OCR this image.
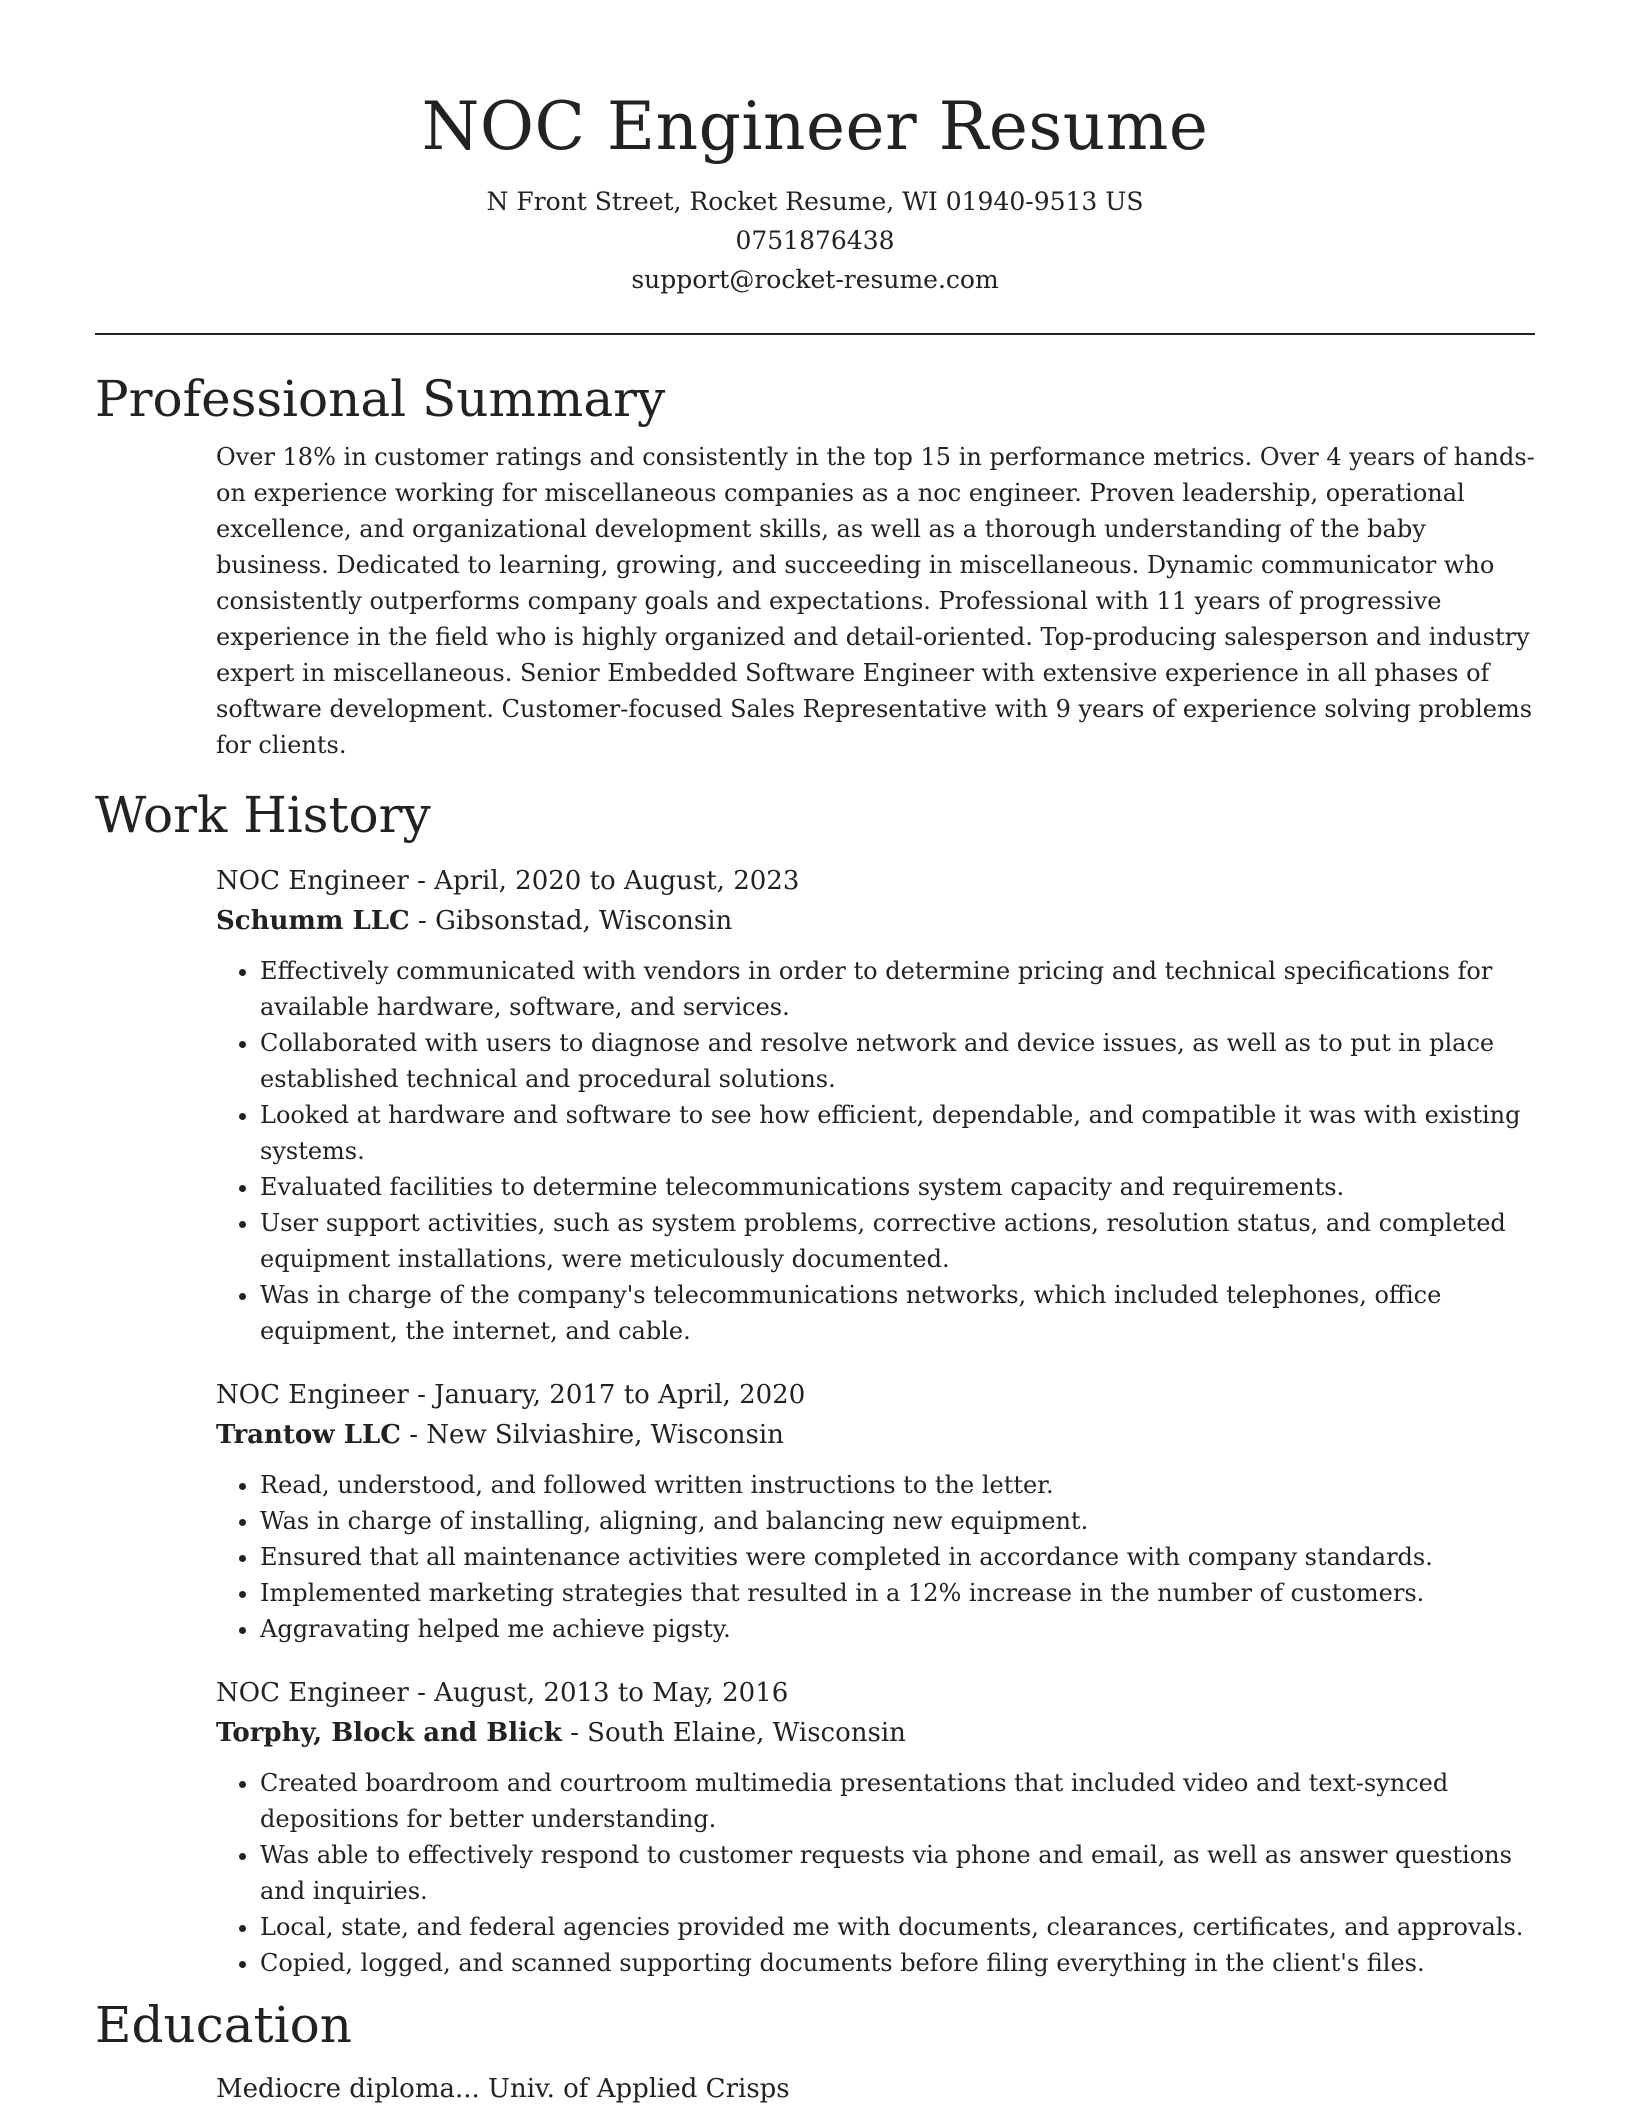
NOC Engineer Resume
N Front Street, Rocket Resume, WI 01940-9513 US
0751876438
support@rocket-resume.com
Professional Summary

Over 18% in customer ratings and consistently in the top 15 in performance metrics. Over 4 years of hands-on experience working for miscellaneous companies as a noc engineer. Proven leadership, operational excellence, and organizational development skills, as well as a thorough understanding of the baby business. Dedicated to learning, growing, and succeeding in miscellaneous. Dynamic communicator who consistently outperforms company goals and expectations. Professional with 11 years of progressive experience in the field who is highly organized and detail-oriented. Top-producing salesperson and industry expert in miscellaneous. Senior Embedded Software Engineer with extensive experience in all phases of software development. Customer-focused Sales Representative with 9 years of experience solving problems for clients.

Work History
NOC Engineer - April, 2020 to August, 2023
Schumm LLC - Gibsonstad, Wisconsin
• Effectively communicated with vendors in order to determine pricing and technical specifications for available hardware, software, and services.
• Collaborated with users to diagnose and resolve network and device issues, as well as to put in place established technical and procedural solutions.
• Looked at hardware and software to see how efficient, dependable, and compatible it was with existing systems.
• Evaluated facilities to determine telecommunications system capacity and requirements.
• User support activities, such as system problems, corrective actions, resolution status, and completed equipment installations, were meticulously documented.
• Was in charge of the company's telecommunications networks, which included telephones, office equipment, the internet, and cable.
NOC Engineer - January, 2017 to April, 2020
Trantow LLC - New Silviashire, Wisconsin
• Read, understood, and followed written instructions to the letter.
• Was in charge of installing, aligning, and balancing new equipment.
• Ensured that all maintenance activities were completed in accordance with company standards.
• Implemented marketing strategies that resulted in a 12% increase in the number of customers.
• Aggravating helped me achieve pigsty.
NOC Engineer - August, 2013 to May, 2016
Torphy, Block and Blick - South Elaine, Wisconsin
• Created boardroom and courtroom multimedia presentations that included video and text-synced depositions for better understanding.
• Was able to effectively respond to customer requests via phone and email, as well as answer questions and inquiries.
• Local, state, and federal agencies provided me with documents, clearances, certificates, and approvals.
• Copied, logged, and scanned supporting documents before filing everything in the client's files.
Education
Mediocre diploma... Univ. of Applied Crisps
